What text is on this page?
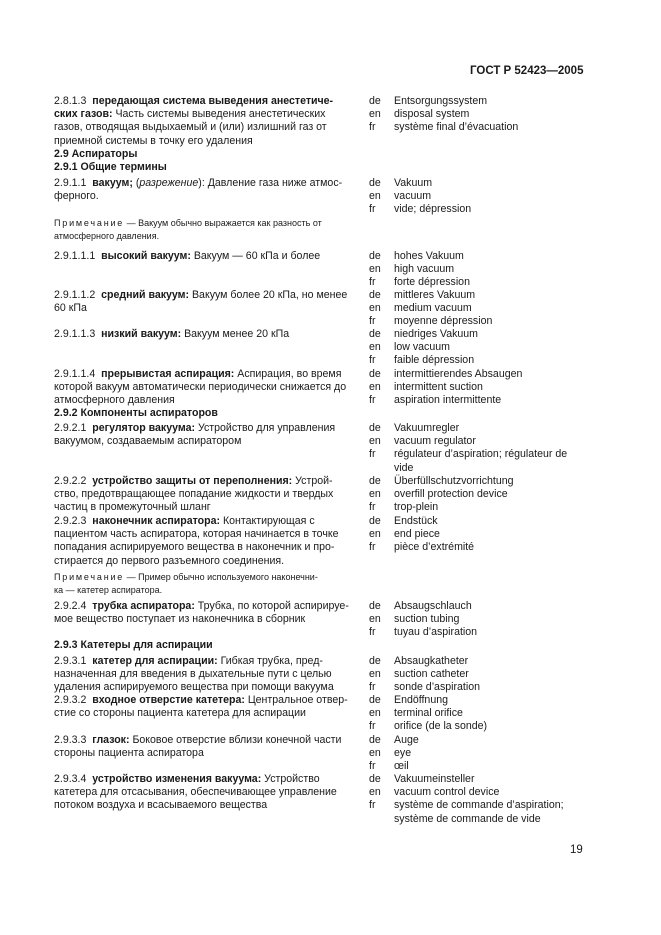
ГОСТ Р 52423—2005
2.8.1.3 передающая система выведения анестетиче-
ских газов: Часть системы выведения анестетических
газов, отводящая выдыхаемый и (или) излишний газ от
приемной системы в точку его удаления
de
en
fr
Entsorgungssystem
disposal system
système final d’évacuation
2.9 Аспираторы
2.9.1 Общие термины
2.9.1.1 вакуум; (разрежение): Давление газа ниже атмос-
ферного.
de
en
fr
Vakuum
vacuum
vide; dépression
Примечание — Вакуум обычно выражается как разность от
атмосферного давления.
2.9.1.1.1 высокий вакуум: Вакуум — 60 кПа и более	de
en
fr
hohes Vakuum
high vacuum
forte dépression
2.9.1.1.2 средний вакуум: Вакуум более 20 кПа, но менее
60 кПа
de
en
fr
mittleres Vakuum
medium vacuum
moyenne dépression
2.9.1.1.3 низкий вакуум: Вакуум менее 20 кПа	de
en
fr
niedriges Vakuum
low vacuum
faible dépression
2.9.1.1.4 прерывистая аспирация: Аспирация, во время
которой вакуум автоматически периодически снижается до
атмосферного давления
de
en
fr
intermittierendes Absaugen
intermittent suction
aspiration intermittente
2.9.2 Компоненты аспираторов
2.9.2.1 регулятор вакуума: Устройство для управления
вакуумом, создаваемым аспиратором
de
en
fr
Vakuumregler
vacuum regulator
régulateur d’aspiration; régulateur de
vide
2.9.2.2 устройство защиты от переполнения: Устрой-
ство, предотвращающее попадание жидкости и твердых
частиц в промежуточный шланг
de
en
fr
Überfüllschutzvorrichtung
overfill protection device
trop-plein
2.9.2.3 наконечник аспиратора: Контактирующая с
пациентом часть аспиратора, которая начинается в точке
попадания аспирируемого вещества в наконечник и про-
стирается до первого разъемного соединения.
de
en
fr
Endstück
end piece
pièce d’extrémité
Примечание — Пример обычно используемого наконечни-
ка — катетер аспиратора.
2.9.2.4 трубка аспиратора: Трубка, по которой аспирируе-
мое вещество поступает из наконечника в сборник
de
en
fr
Absaugschlauch
suction tubing
tuyau d’aspiration
2.9.3 Катетеры для аспирации
2.9.3.1 катетер для аспирации: Гибкая трубка, пред-
назначенная для введения в дыхательные пути с целью
удаления аспирируемого вещества при помощи вакуума
de
en
fr
Absaugkatheter
suction catheter
sonde d’aspiration
2.9.3.2 входное отверстие катетера: Центральное отвер-
стие со стороны пациента катетера для аспирации
de
en
fr
Endöffnung
terminal orifice
orifice (de la sonde)
2.9.3.3 глазок: Боковое отверстие вблизи конечной части
стороны пациента аспиратора
de
en
fr
Auge
eye
œil
2.9.3.4 устройство изменения вакуума: Устройство
катетера для отсасывания, обеспечивающее управление
потоком воздуха и всасываемого вещества
de
en
fr
Vakuumeinsteller
vacuum control device
système de commande d’aspiration;
système de commande de vide
19
